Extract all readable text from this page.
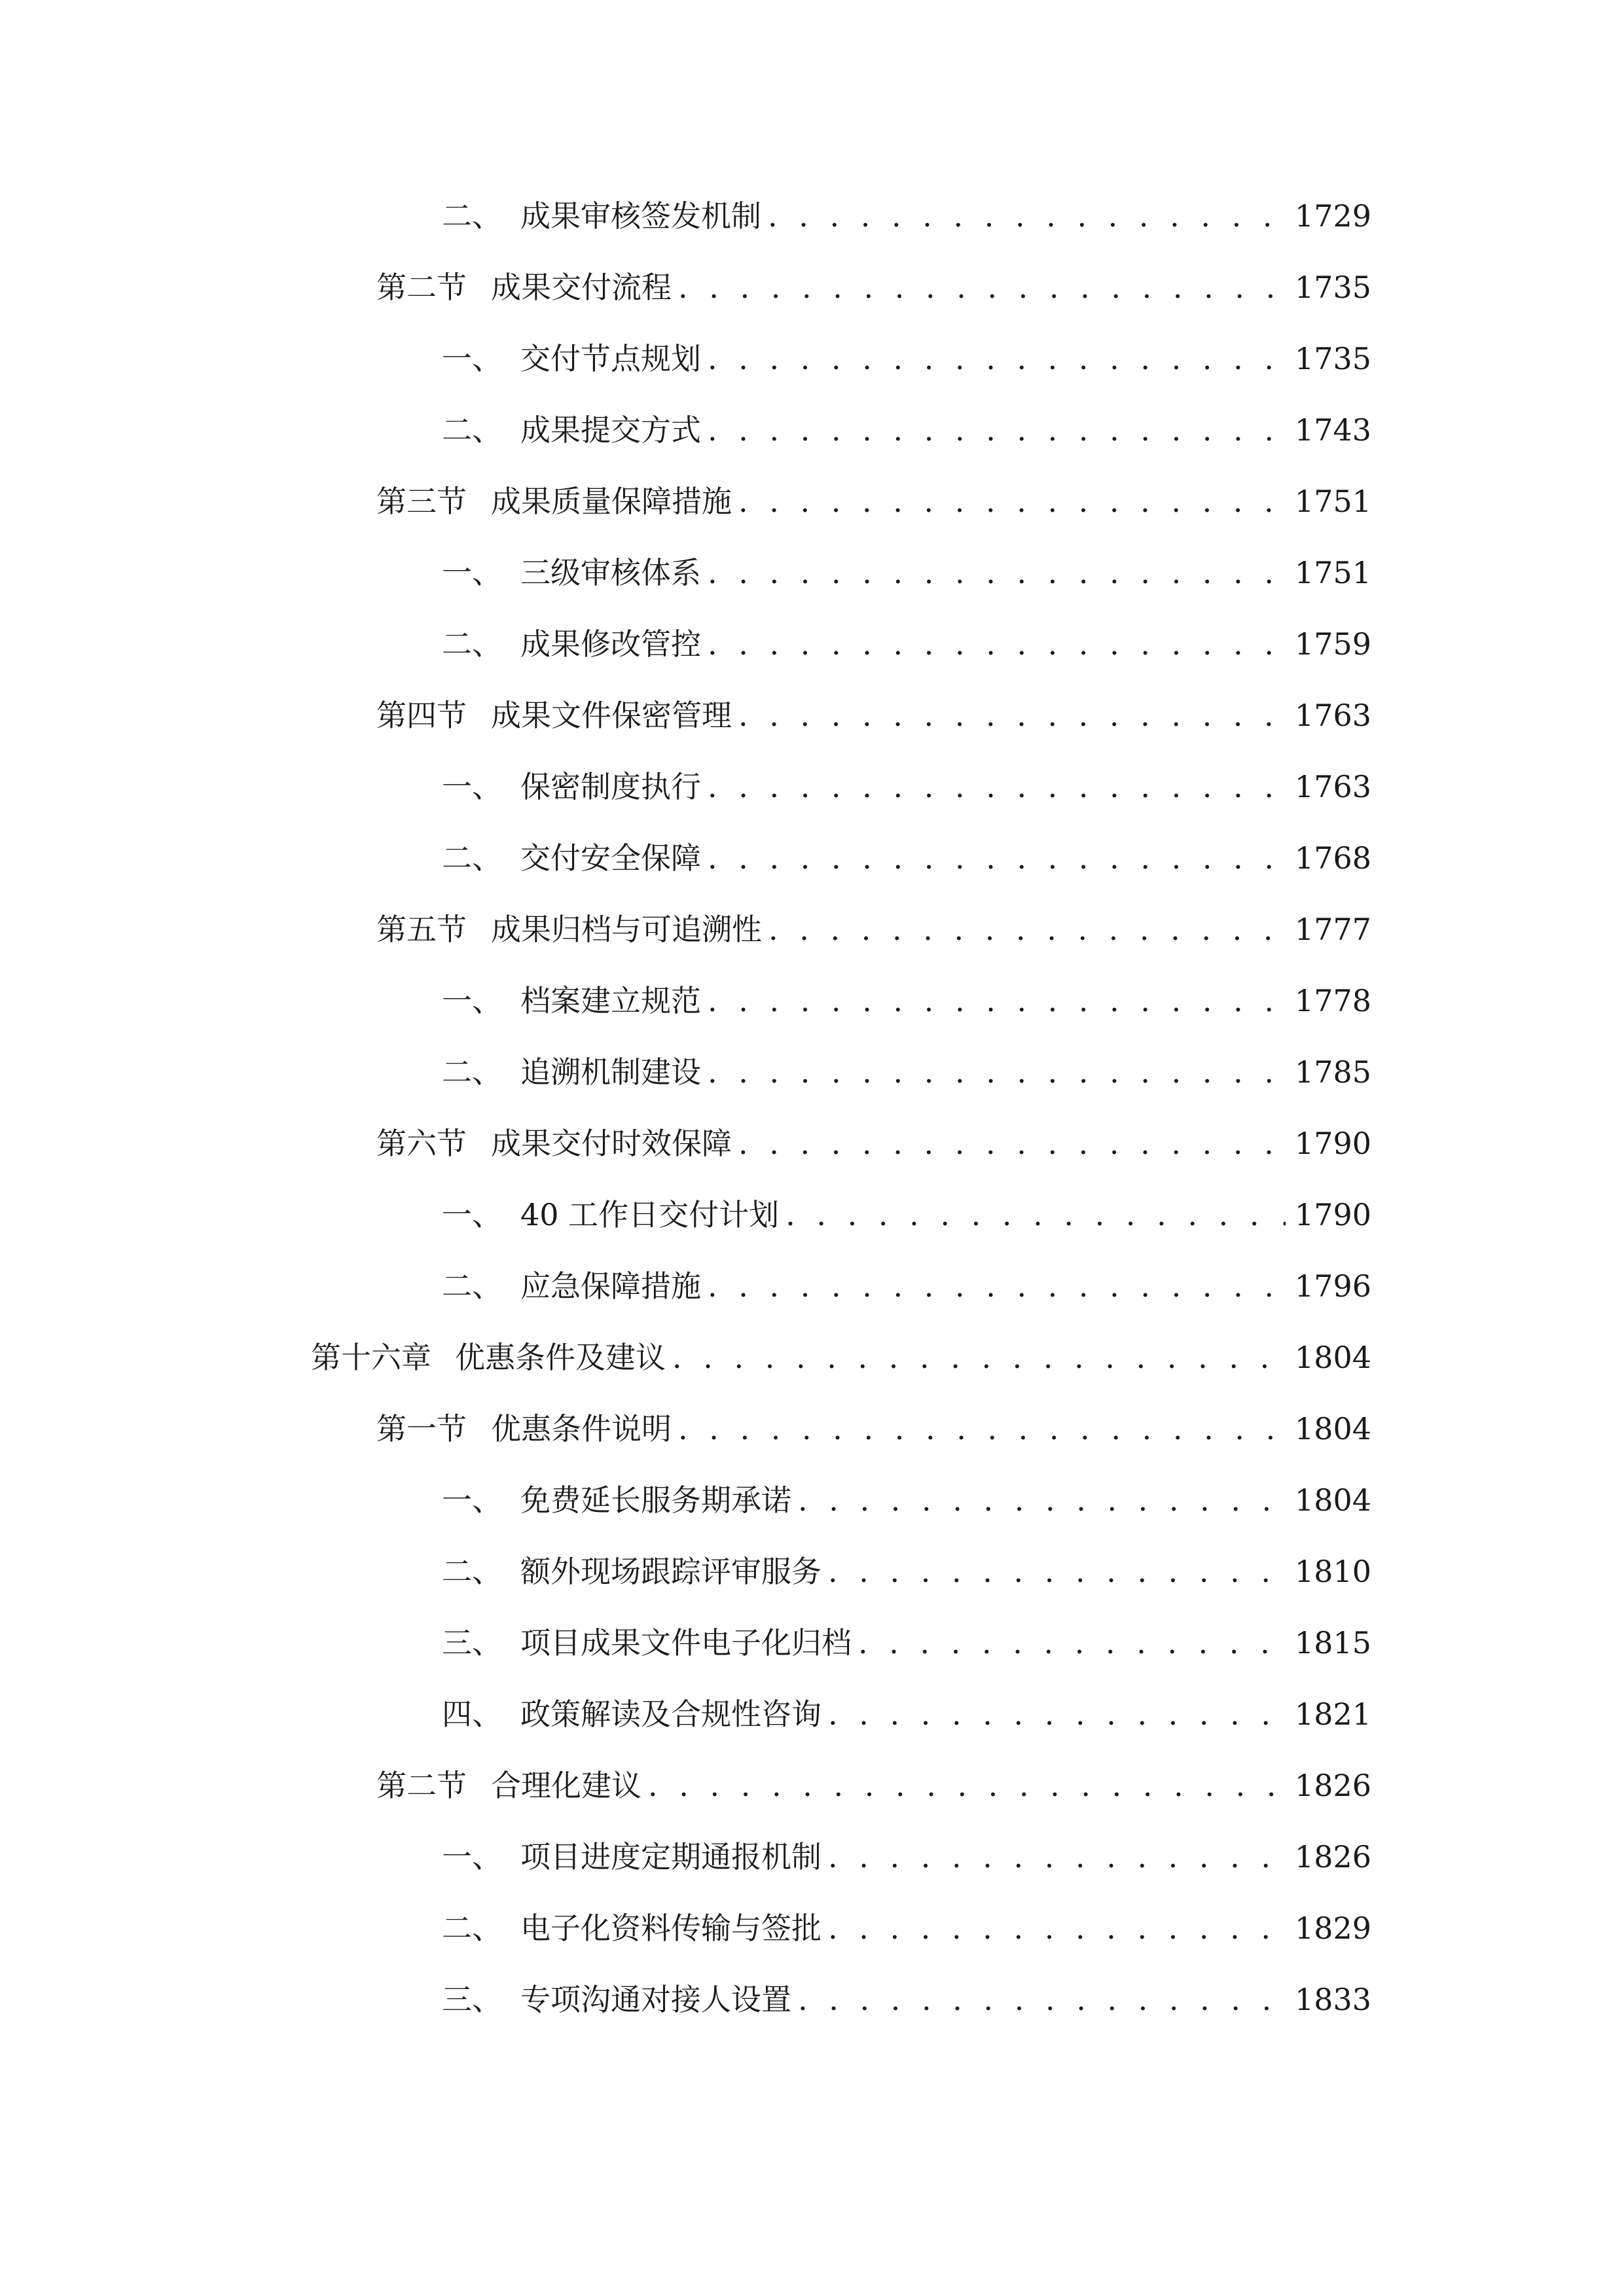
二、 成果审核签发机制 . . .	1729
第二节 成果交付流程 . . .	1735
一、 交付节点规划 . . .	1735
二、 成果提交方式 . . .	1743
第三节 成果质量保障措施 . . .	1751
一、 三级审核体系 . . .	1751
二、 成果修改管控 . . .	1759
第四节 成果文件保密管理 . . .	1763
一、 保密制度执行 . . .	1763
二、 交付安全保障 . . .	1768
第五节 成果归档与可追溯性 . . .	1777
一、 档案建立规范 . . .	1778
二、 追溯机制建设 . . .	1785
第六节 成果交付时效保障 . . .	1790
一、 40 工作日交付计划 . . .	1790
二、 应急保障措施 . . .	1796
第十六章 优惠条件及建议 . . .	1804
第一节 优惠条件说明 . . .	1804
一、 免费延长服务期承诺 . . .	1804
二、 额外现场跟踪评审服务 . . .	1810
三、 项目成果文件电子化归档 . . .	1815
四、 政策解读及合规性咨询 . . .	1821
第二节 合理化建议 . . .	1826
一、 项目进度定期通报机制 . . .	1826
二、 电子化资料传输与签批 . . .	1829
三、 专项沟通对接人设置 . . .	1833
